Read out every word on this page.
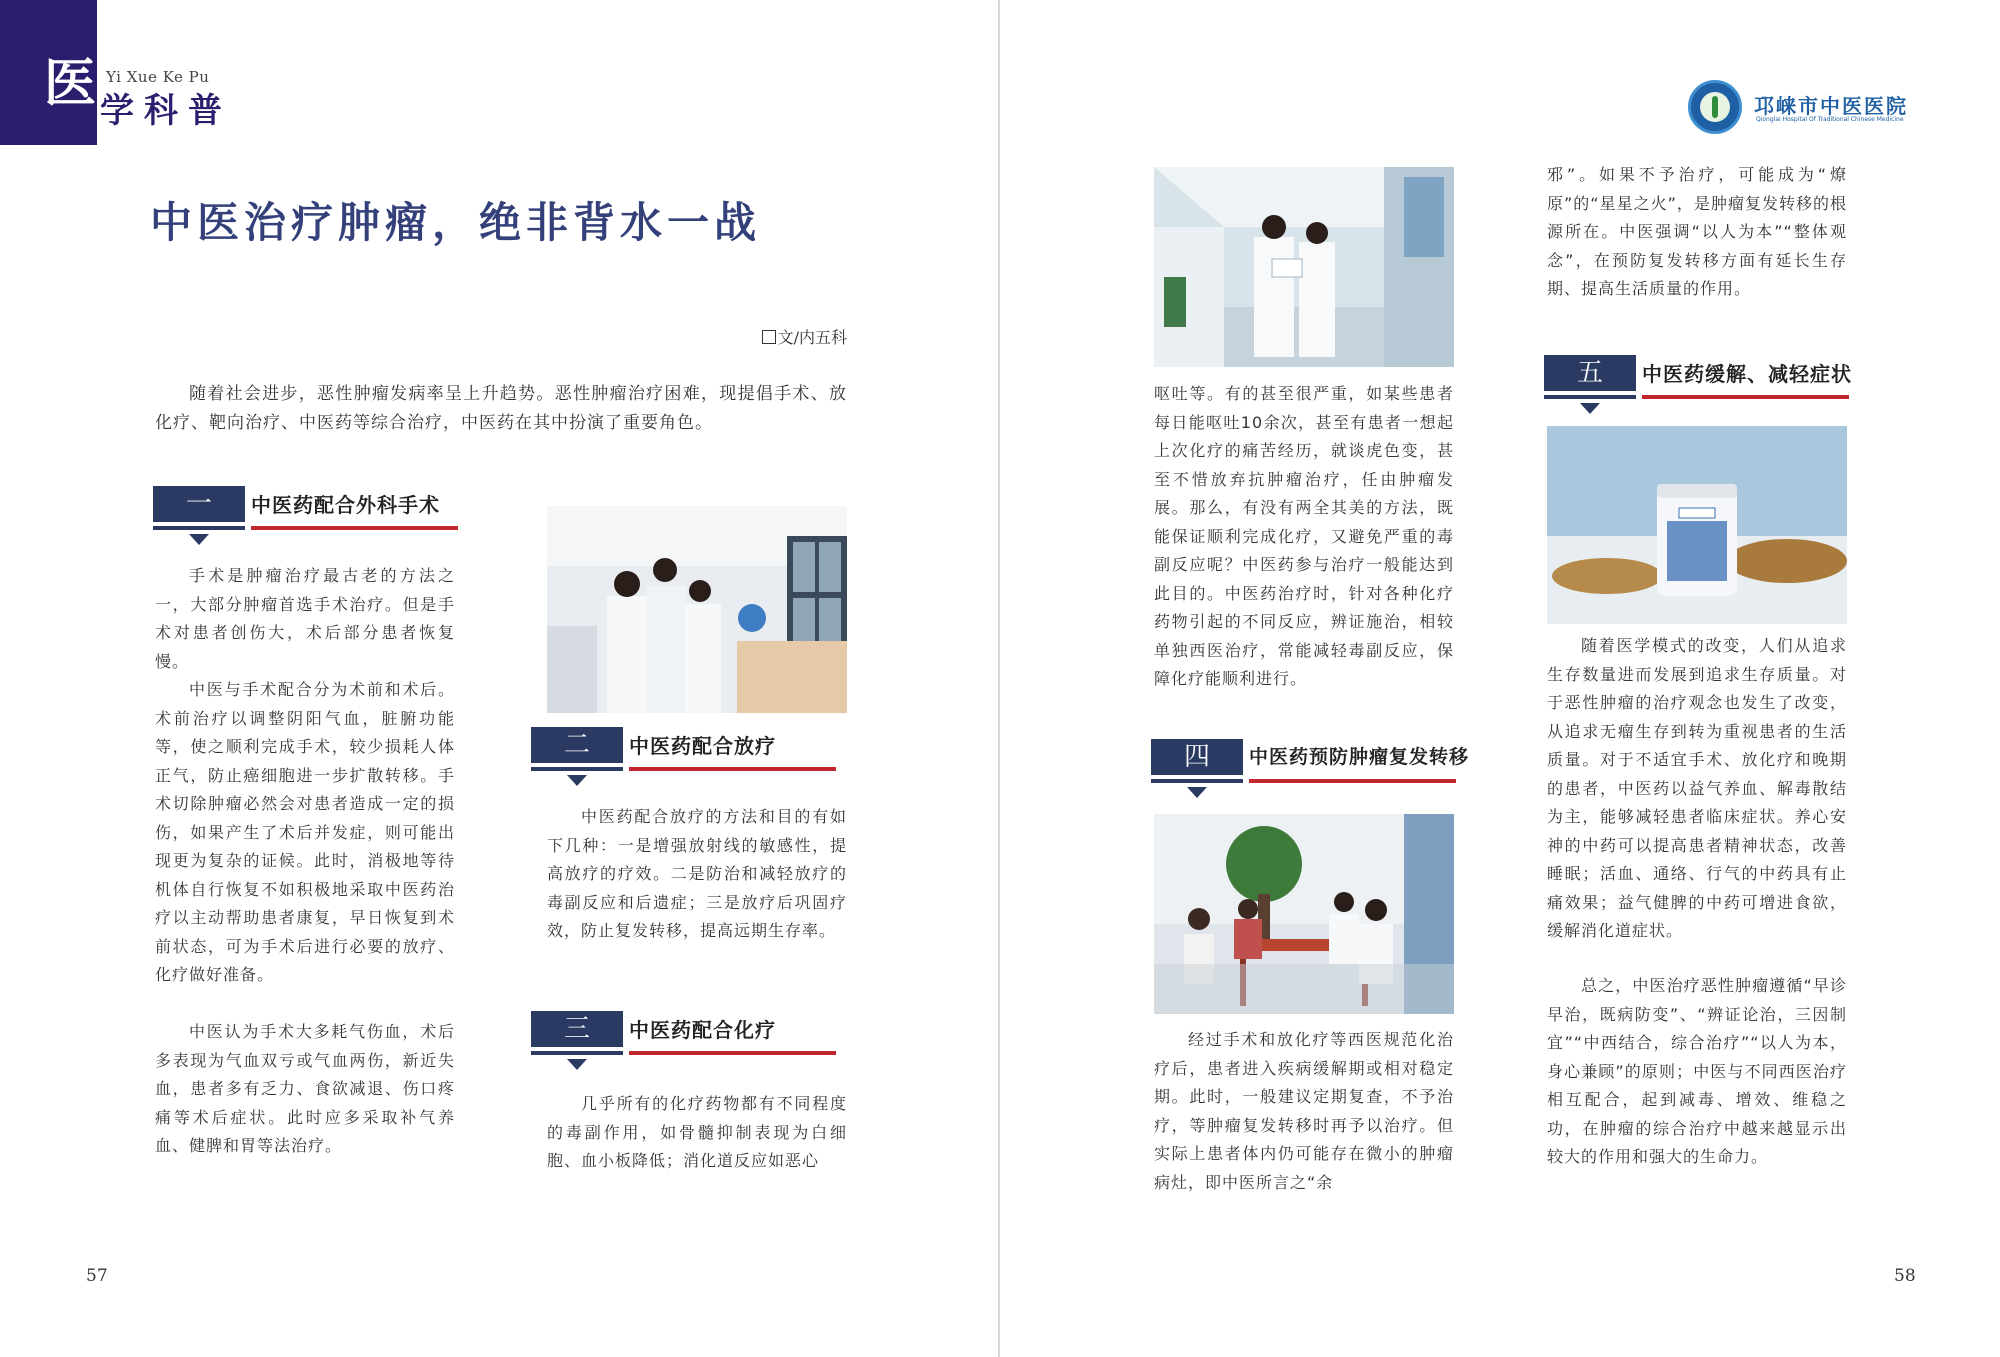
医 Yi Xue Ke Pu
学科普
中医治疗肿瘤，绝非背水一战
文/内五科

随着社会进步，恶性肿瘤发病率呈上升趋势。恶性肿瘤治疗困难，现提倡手术、放化疗、靶向治疗、中医药等综合治疗，中医药在其中扮演了重要角色。

一	中医药配合外科手术

手术是肿瘤治疗最古老的方法之一，大部分肿瘤首选手术治疗。但是手术对患者创伤大，术后部分患者恢复慢。

中医与手术配合分为术前和术后。术前治疗以调整阴阳气血，脏腑功能等，使之顺利完成手术，较少损耗人体正气，防止癌细胞进一步扩散转移。手术切除肿瘤必然会对患者造成一定的损伤，如果产生了术后并发症，则可能出现更为复杂的证候。此时，消极地等待机体自行恢复不如积极地采取中医药治疗以主动帮助患者康复，早日恢复到术前状态，可为手术后进行必要的放疗、化疗做好准备。

中医认为手术大多耗气伤血，术后多表现为气血双亏或气血两伤，新近失血，患者多有乏力、食欲减退、伤口疼痛等术后症状。此时应多采取补气养血、健脾和胃等法治疗。

二	中医药配合放疗

中医药配合放疗的方法和目的有如下几种：一是增强放射线的敏感性，提高放疗的疗效。二是防治和减轻放疗的毒副反应和后遗症；三是放疗后巩固疗效，防止复发转移，提高远期生存率。

三	中医药配合化疗

几乎所有的化疗药物都有不同程度的毒副作用，如骨髓抑制表现为白细胞、血小板降低；消化道反应如恶心

57	58
邛崃市中医医院
Qionglai Hospital Of Traditional Chinese Medicine

呕吐等。有的甚至很严重，如某些患者每日能呕吐10余次，甚至有患者一想起上次化疗的痛苦经历，就谈虎色变，甚至不惜放弃抗肿瘤治疗，任由肿瘤发展。那么，有没有两全其美的方法，既能保证顺利完成化疗，又避免严重的毒副反应呢？中医药参与治疗一般能达到此目的。中医药治疗时，针对各种化疗药物引起的不同反应，辨证施治，相较单独西医治疗，常能减轻毒副反应，保障化疗能顺利进行。

四	中医药预防肿瘤复发转移

经过手术和放化疗等西医规范化治疗后，患者进入疾病缓解期或相对稳定期。此时，一般建议定期复查，不予治疗，等肿瘤复发转移时再予以治疗。但实际上患者体内仍可能存在微小的肿瘤病灶，即中医所言之“余

邪”。如果不予治疗，可能成为“燎原”的“星星之火”，是肿瘤复发转移的根源所在。中医强调“以人为本”“整体观念”，在预防复发转移方面有延长生存期、提高生活质量的作用。

五	中医药缓解、减轻症状

随着医学模式的改变，人们从追求生存数量进而发展到追求生存质量。对于恶性肿瘤的治疗观念也发生了改变，从追求无瘤生存到转为重视患者的生活质量。对于不适宜手术、放化疗和晚期的患者，中医药以益气养血、解毒散结为主，能够减轻患者临床症状。养心安神的中药可以提高患者精神状态，改善睡眠；活血、通络、行气的中药具有止痛效果；益气健脾的中药可增进食欲，缓解消化道症状。

总之，中医治疗恶性肿瘤遵循“早诊早治，既病防变”、“辨证论治，三因制宜”“中西结合，综合治疗”“以人为本，身心兼顾”的原则；中医与不同西医治疗相互配合，起到减毒、增效、维稳之功，在肿瘤的综合治疗中越来越显示出较大的作用和强大的生命力。
